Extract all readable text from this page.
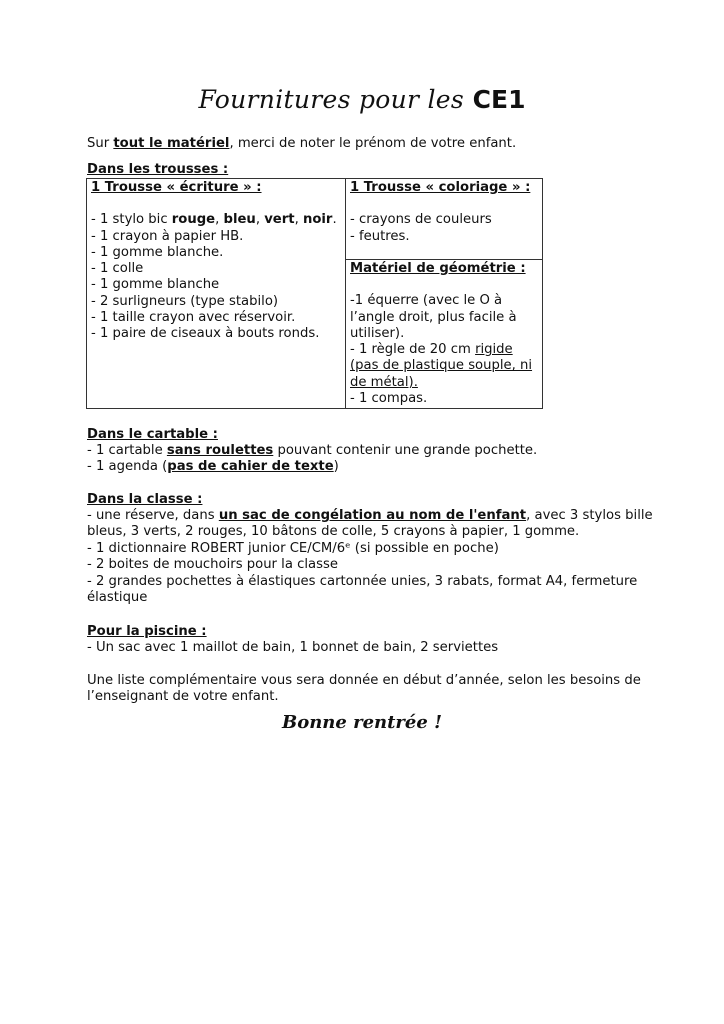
Fournitures pour les CE1
Sur tout le matériel, merci de noter le prénom de votre enfant.
Dans les trousses :
1 Trousse « écriture » :
- 1 stylo bic rouge, bleu, vert, noir.
- 1 crayon à papier HB.
- 1 gomme blanche.
- 1 colle
- 1 gomme blanche
- 2 surligneurs (type stabilo)
- 1 taille crayon avec réservoir.
- 1 paire de ciseaux à bouts ronds.

1 Trousse « coloriage » :
- crayons de couleurs
- feutres.

Matériel de géométrie :
-1 équerre (avec le O à l’angle droit, plus facile à utiliser).
- 1 règle de 20 cm rigide
(pas de plastique souple, ni de métal).
- 1 compas.
Dans le cartable :
- 1 cartable sans roulettes pouvant contenir une grande pochette.
- 1 agenda (pas de cahier de texte)
Dans la classe :
- une réserve, dans un sac de congélation au nom de l'enfant, avec 3 stylos bille
bleus, 3 verts, 2 rouges, 10 bâtons de colle, 5 crayons à papier, 1 gomme.
- 1 dictionnaire ROBERT junior CE/CM/6ᵉ (si possible en poche)
- 2 boites de mouchoirs pour la classe
- 2 grandes pochettes à élastiques cartonnée unies, 3 rabats, format A4, fermeture
élastique
Pour la piscine :
- Un sac avec 1 maillot de bain, 1 bonnet de bain, 2 serviettes
Une liste complémentaire vous sera donnée en début d’année, selon les besoins de
l’enseignant de votre enfant.
Bonne rentrée !
